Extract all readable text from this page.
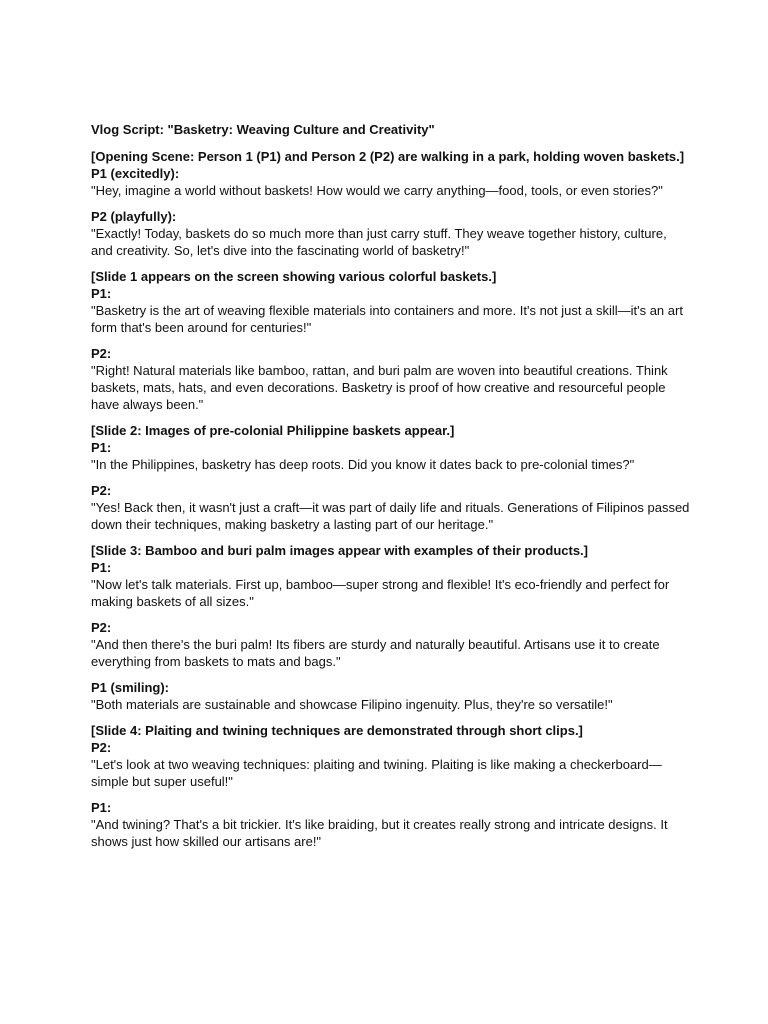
Vlog Script: "Basketry: Weaving Culture and Creativity"
[Opening Scene: Person 1 (P1) and Person 2 (P2) are walking in a park, holding woven baskets.]
P1 (excitedly):
"Hey, imagine a world without baskets! How would we carry anything—food, tools, or even stories?"
P2 (playfully):
"Exactly! Today, baskets do so much more than just carry stuff. They weave together history, culture, and creativity. So, let's dive into the fascinating world of basketry!"
[Slide 1 appears on the screen showing various colorful baskets.]
P1:
"Basketry is the art of weaving flexible materials into containers and more. It's not just a skill—it's an art form that's been around for centuries!"
P2:
"Right! Natural materials like bamboo, rattan, and buri palm are woven into beautiful creations. Think baskets, mats, hats, and even decorations. Basketry is proof of how creative and resourceful people have always been."
[Slide 2: Images of pre-colonial Philippine baskets appear.]
P1:
"In the Philippines, basketry has deep roots. Did you know it dates back to pre-colonial times?"
P2:
"Yes! Back then, it wasn't just a craft—it was part of daily life and rituals. Generations of Filipinos passed down their techniques, making basketry a lasting part of our heritage."
[Slide 3: Bamboo and buri palm images appear with examples of their products.]
P1:
"Now let's talk materials. First up, bamboo—super strong and flexible! It's eco-friendly and perfect for making baskets of all sizes."
P2:
"And then there's the buri palm! Its fibers are sturdy and naturally beautiful. Artisans use it to create everything from baskets to mats and bags."
P1 (smiling):
"Both materials are sustainable and showcase Filipino ingenuity. Plus, they're so versatile!"
[Slide 4: Plaiting and twining techniques are demonstrated through short clips.]
P2:
"Let's look at two weaving techniques: plaiting and twining. Plaiting is like making a checkerboard—simple but super useful!"
P1:
"And twining? That's a bit trickier. It's like braiding, but it creates really strong and intricate designs. It shows just how skilled our artisans are!"
